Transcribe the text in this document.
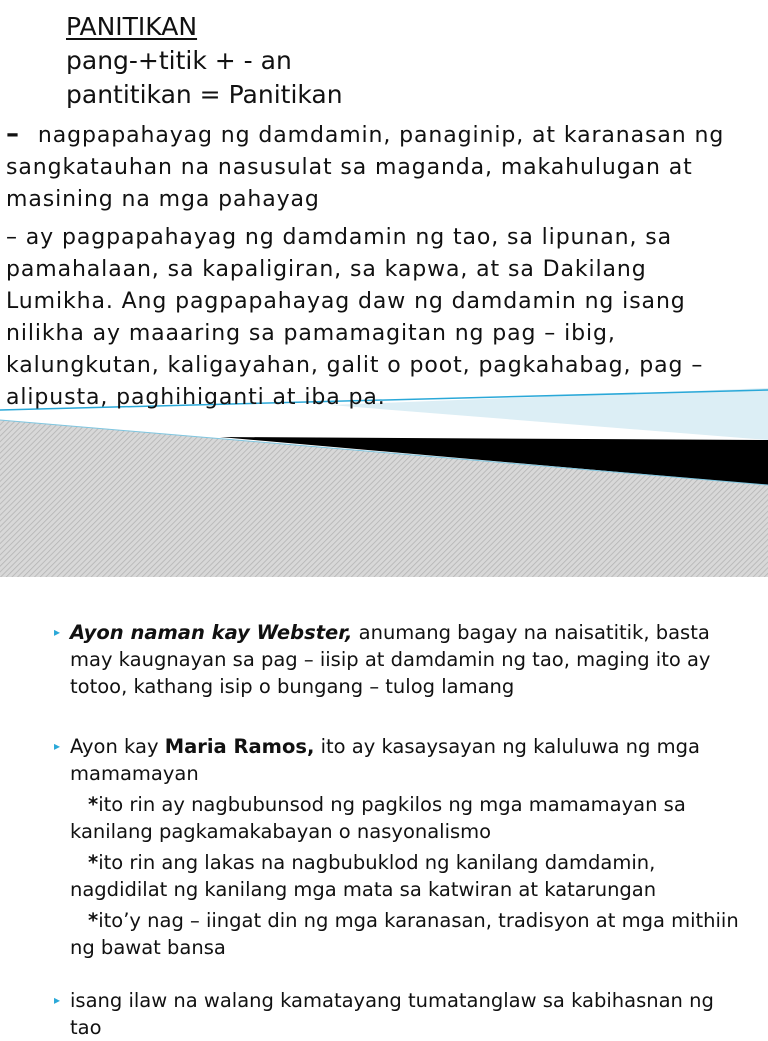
PANITIKAN
pang-+titik + - an
pantitikan = Panitikan
– nagpapahayag ng damdamin, panaginip, at karanasan ng sangkatauhan na nasusulat sa maganda, makahulugan at masining na mga pahayag
– ay pagpapahayag ng damdamin ng tao, sa lipunan, sa pamahalaan, sa kapaligiran, sa kapwa, at sa Dakilang Lumikha. Ang pagpapahayag daw ng damdamin ng isang nilikha ay maaaring sa pamamagitan ng pag – ibig, kalungkutan, kaligayahan, galit o poot, pagkahabag, pag – alipusta, paghihiganti at iba pa.
▸ Ayon naman kay Webster, anumang bagay na naisatitik, basta may kaugnayan sa pag – iisip at damdamin ng tao, maging ito ay totoo, kathang isip o bungang – tulog lamang
▸ Ayon kay Maria Ramos, ito ay kasaysayan ng kaluluwa ng mga mamamayan
*ito rin ay nagbubunsod ng pagkilos ng mga mamamayan sa kanilang pagkamakabayan o nasyonalismo
*ito rin ang lakas na nagbubuklod ng kanilang damdamin, nagdidilat ng kanilang mga mata sa katwiran at katarungan
*ito’y nag – iingat din ng mga karanasan, tradisyon at mga mithiin ng bawat bansa
▸ isang ilaw na walang kamatayang tumatanglaw sa kabihasnan ng tao
